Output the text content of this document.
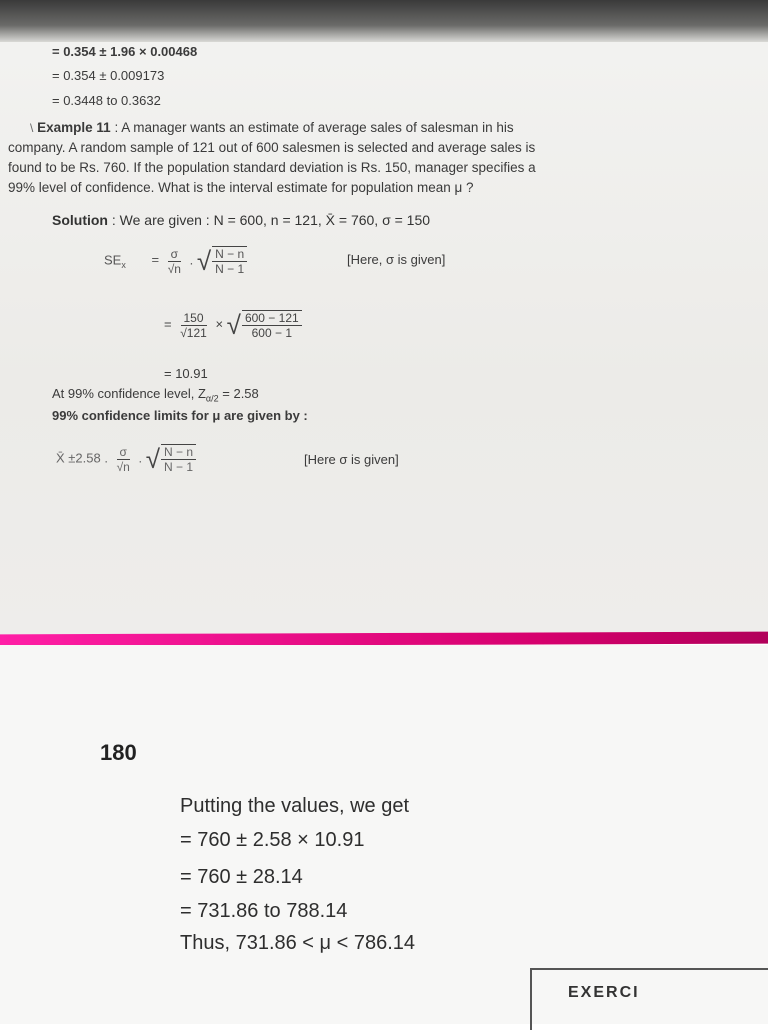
= 0.354 ± 1.96 × 0.00468
= 0.354 ± 0.009173
= 0.3448 to 0.3632
\ Example 11 : A manager wants an estimate of average sales of salesman in his
company. A random sample of 121 out of 600 salesmen is selected and average sales is
found to be Rs. 760. If the population standard deviation is Rs. 150, manager specifies a
99% level of confidence. What is the interval estimate for population mean μ ?
Solution : We are given : N = 600, n = 121, X̄ = 760, σ = 150
$SE_x = \frac{\sigma}{√n}$ . √ $\frac{N - n}{N - 1}$	[Here, σ is given]
= $\frac{150}{√121}$ × √ $\frac{600 - 121}{600 - 1}$
= 10.91
At 99% confidence level, $Z_{\alpha/2} = 2.58$
99% confidence limits for μ are given by :
X̄ ±2.58 . $\frac{\sigma}{√n}$ . √ $\frac{N - n}{N - 1}$	[Here σ is given]
180
Putting the values, we get
= 760 ± 2.58 × 10.91
= 760 ± 28.14
= 731.86 to 788.14
Thus, 731.86 < μ < 786.14
EXERCI
